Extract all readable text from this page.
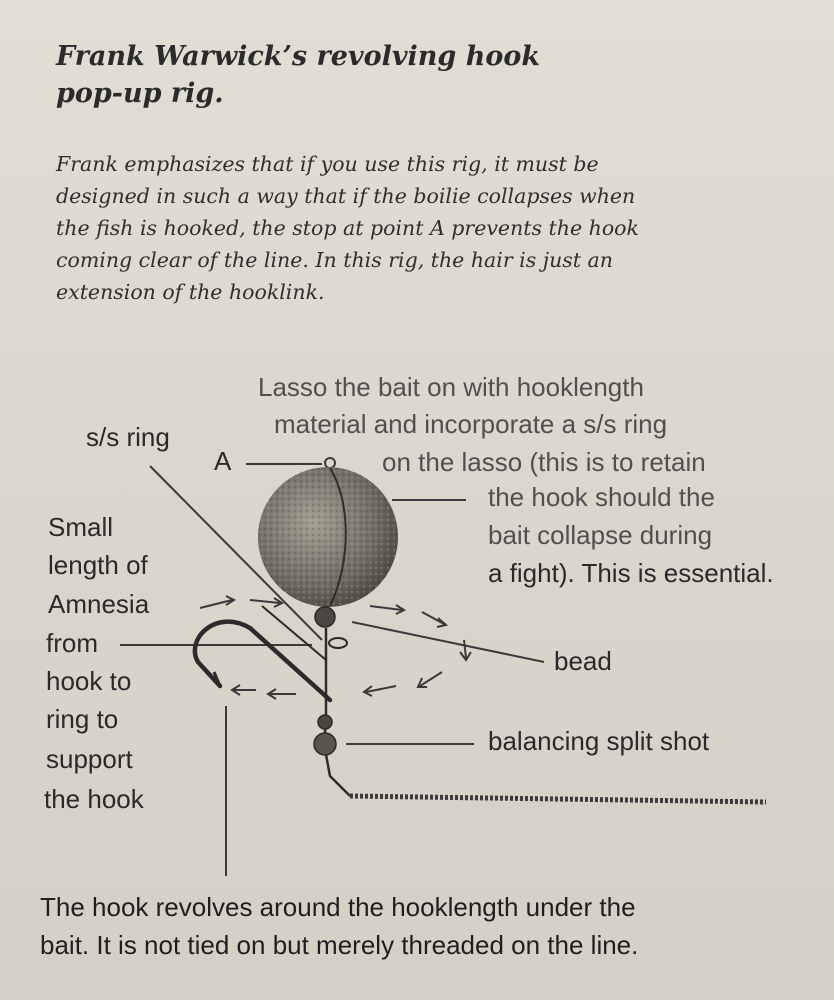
Frank Warwick’s revolving hook
pop-up rig.

Frank emphasizes that if you use this rig, it must be
designed in such a way that if the boilie collapses when
the fish is hooked, the stop at point A prevents the hook
coming clear of the line. In this rig, the hair is just an
extension of the hooklink.

s/s ring

A

Lasso the bait on with hooklength

material and incorporate a s/s ring

on the lasso (this is to retain

the hook should the

bait collapse during

a fight). This is essential.

Small

length of

Amnesia

from

hook to

ring to

support

the hook

bead

balancing split shot

The hook revolves around the hooklength under the
bait. It is not tied on but merely threaded on the line.
